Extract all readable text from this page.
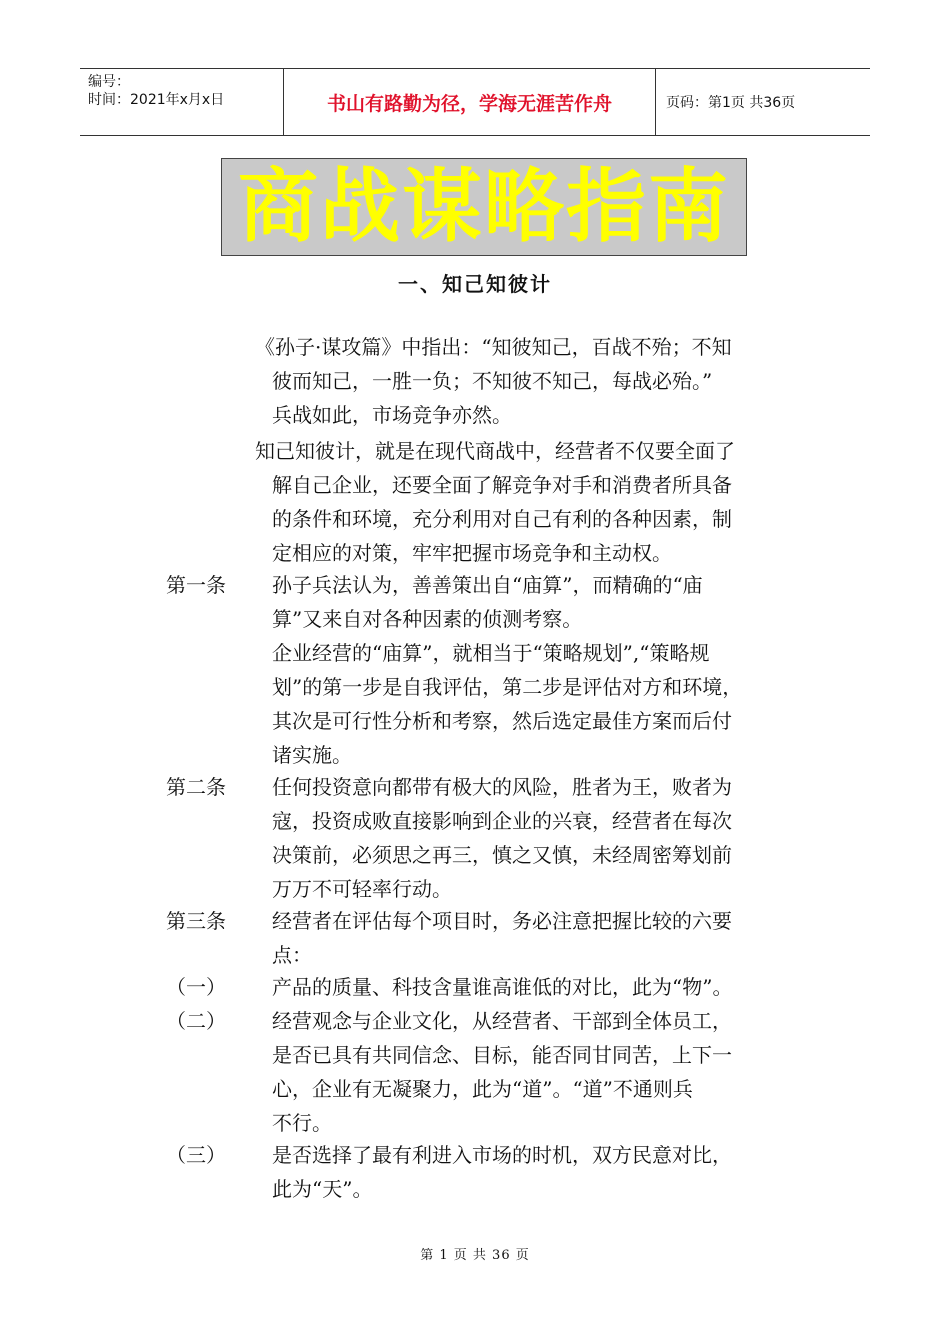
编号：
时间：2021年x月x日	书山有路勤为径，学海无涯苦作舟	页码：第1页 共36页
商战谋略指南
一、知己知彼计
《孙子·谋攻篇》中指出：“知彼知己，百战不殆；不知
彼而知己，一胜一负；不知彼不知己，每战必殆。”
兵战如此，市场竞争亦然。
知己知彼计，就是在现代商战中，经营者不仅要全面了
解自己企业，还要全面了解竞争对手和消费者所具备
的条件和环境，充分利用对自己有利的各种因素，制
定相应的对策，牢牢把握市场竞争和主动权。
第一条 孙子兵法认为，善善策出自“庙算”，而精确的“庙
算”又来自对各种因素的侦测考察。
企业经营的“庙算”，就相当于“策略规划”,“策略规
划”的第一步是自我评估，第二步是评估对方和环境，
其次是可行性分析和考察，然后选定最佳方案而后付
诸实施。
第二条 任何投资意向都带有极大的风险，胜者为王，败者为
寇，投资成败直接影响到企业的兴衰，经营者在每次
决策前，必须思之再三，慎之又慎，未经周密筹划前
万万不可轻率行动。
第三条 经营者在评估每个项目时，务必注意把握比较的六要
点：
（一） 产品的质量、科技含量谁高谁低的对比，此为“物”。
（二） 经营观念与企业文化，从经营者、干部到全体员工，
是否已具有共同信念、目标，能否同甘同苦，上下一
心，企业有无凝聚力，此为“道”。“道”不通则兵
不行。
（三） 是否选择了最有利进入市场的时机，双方民意对比，
此为“天”。
第 1 页 共 36 页
